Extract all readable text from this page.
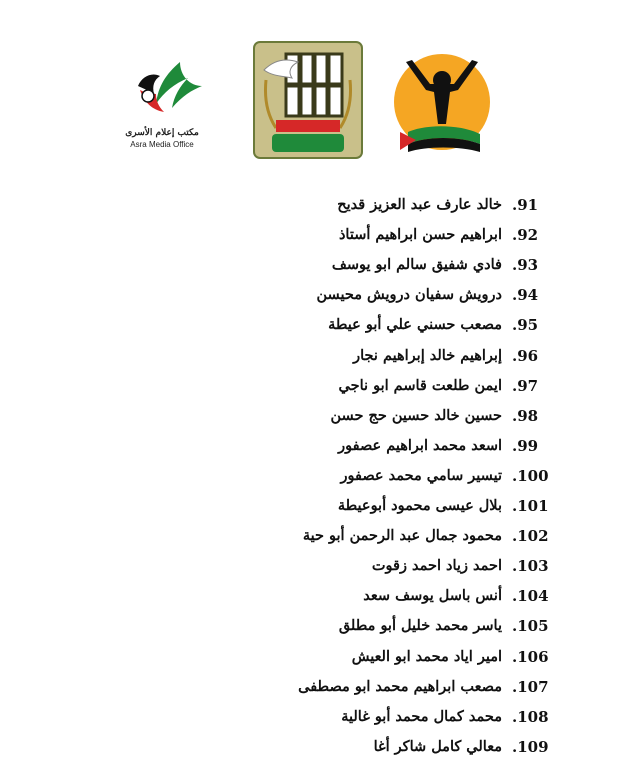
مكتب إعلام الأسرى
Asra Media Office
.91
خالد عارف عبد العزيز قديح
.92
ابراهيم حسن ابراهيم أستاذ
.93
فادي شفيق سالم ابو يوسف
.94
درويش سفيان درويش محيسن
.95
مصعب حسني علي أبو عيطة
.96
إبراهيم خالد إبراهيم نجار
.97
ايمن طلعت قاسم ابو ناجي
.98
حسين خالد حسين حج حسن
.99
اسعد محمد ابراهيم عصفور
.100
تيسير سامي محمد عصفور
.101
بلال عيسى محمود أبوعيطة
.102
محمود جمال عبد الرحمن أبو حية
.103
احمد زياد احمد زقوت
.104
أنس باسل يوسف سعد
.105
ياسر محمد خليل أبو مطلق
.106
امير اياد محمد ابو العيش
.107
مصعب ابراهيم محمد ابو مصطفى
.108
محمد كمال محمد أبو غالية
.109
معالي كامل شاكر أغا
